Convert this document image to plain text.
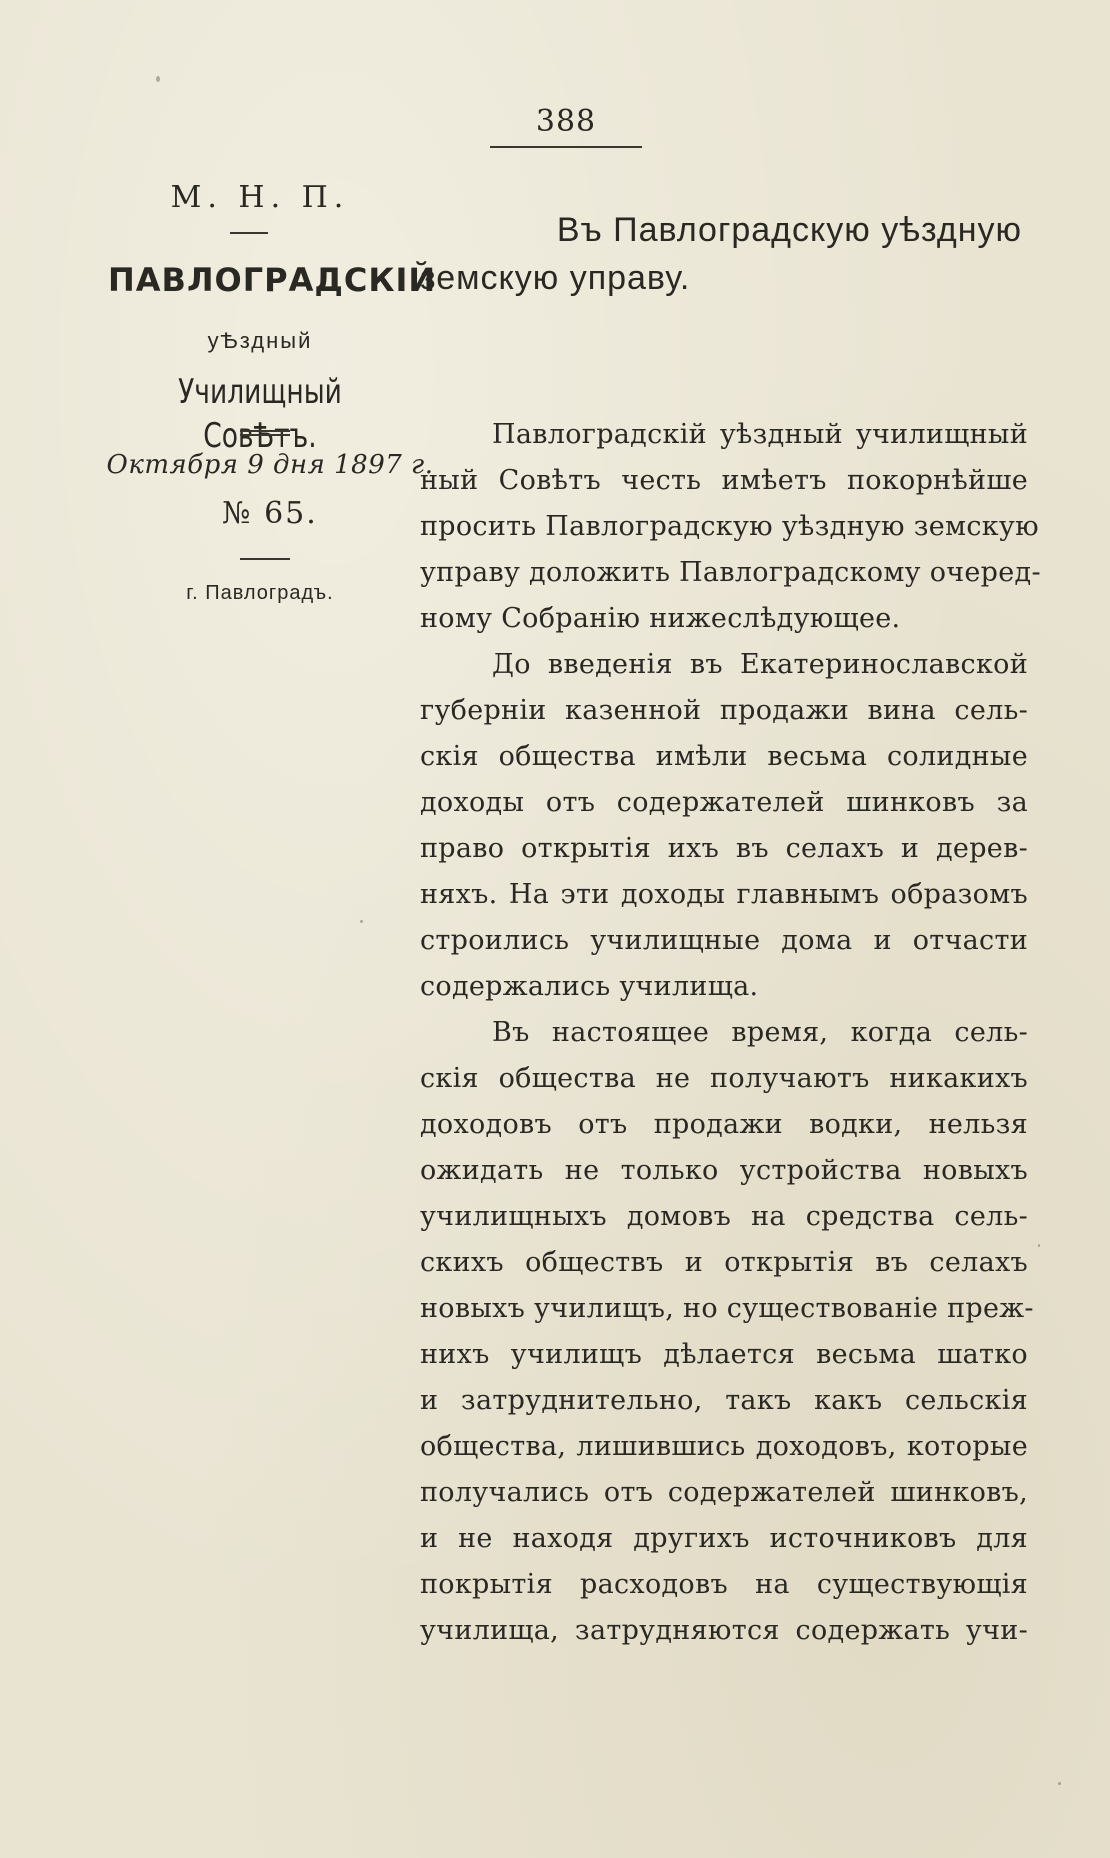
388
М. Н. П.
ПАВЛОГРАДСКІЙ
уѢздный
Училищный СовѢтъ.
Октября 9 дня 1897 г.
№ 65.
г. Павлоградъ.
Въ Павлоградскую уѣздную
земскую управу.
Павлоградскій уѣздный училищный
ный Совѣтъ честь имѣетъ покорнѣйше
просить Павлоградскую уѣздную земскую
управу доложить Павлоградскому очеред-
ному Собранію нижеслѣдующее.
До введенія въ Екатеринославской
губерніи казенной продажи вина сель-
скія общества имѣли весьма солидные
доходы отъ содержателей шинковъ за
право открытія ихъ въ селахъ и дерев-
няхъ. На эти доходы главнымъ образомъ
строились училищные дома и отчасти
содержались училища.
Въ настоящее время, когда сель-
скія общества не получаютъ никакихъ
доходовъ отъ продажи водки, нельзя
ожидать не только устройства новыхъ
училищныхъ домовъ на средства сель-
скихъ обществъ и открытія въ селахъ
новыхъ училищъ, но существованіе преж-
нихъ училищъ дѣлается весьма шатко
и затруднительно, такъ какъ сельскія
общества, лишившись доходовъ, которые
получались отъ содержателей шинковъ,
и не находя другихъ источниковъ для
покрытія расходовъ на существующія
училища, затрудняются содержать учи-
